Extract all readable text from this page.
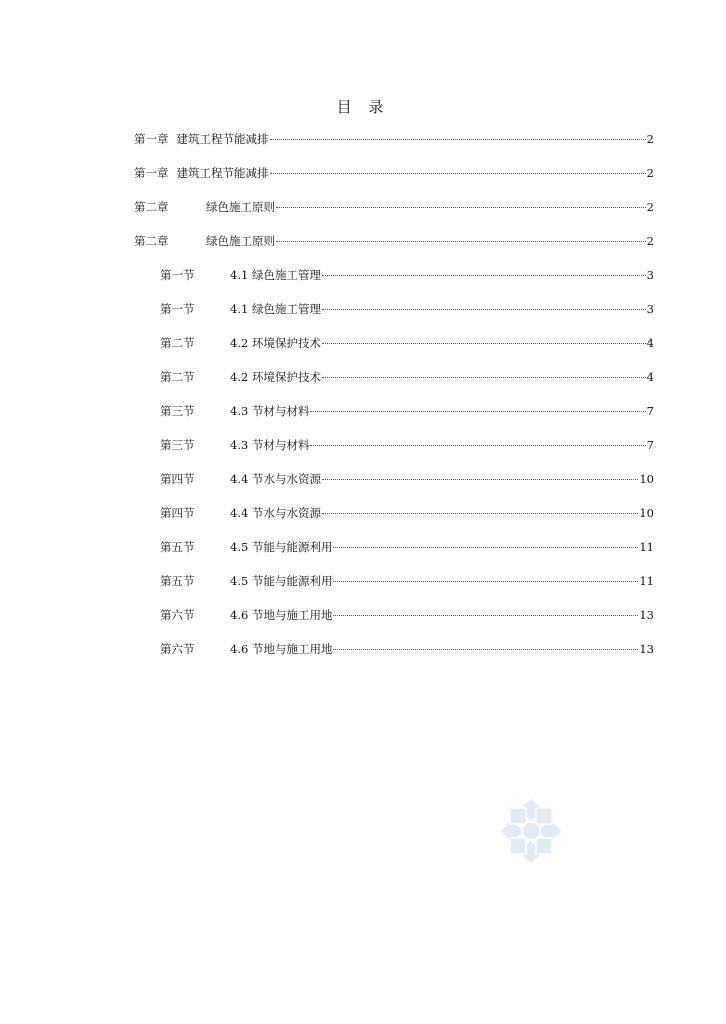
目 录
第一章 建筑工程节能减排	2
第一章 建筑工程节能减排	2
第二章	绿色施工原则	2
第二章	绿色施工原则	2
第一节	4.1 绿色施工管理	3
第一节	4.1 绿色施工管理	3
第二节	4.2 环境保护技术	4
第二节	4.2 环境保护技术	4
第三节	4.3 节材与材料	7
第三节	4.3 节材与材料	7
第四节	4.4 节水与水资源	10
第四节	4.4 节水与水资源	10
第五节	4.5 节能与能源利用	11
第五节	4.5 节能与能源利用	11
第六节	4.6 节地与施工用地	13
第六节	4.6 节地与施工用地	13
